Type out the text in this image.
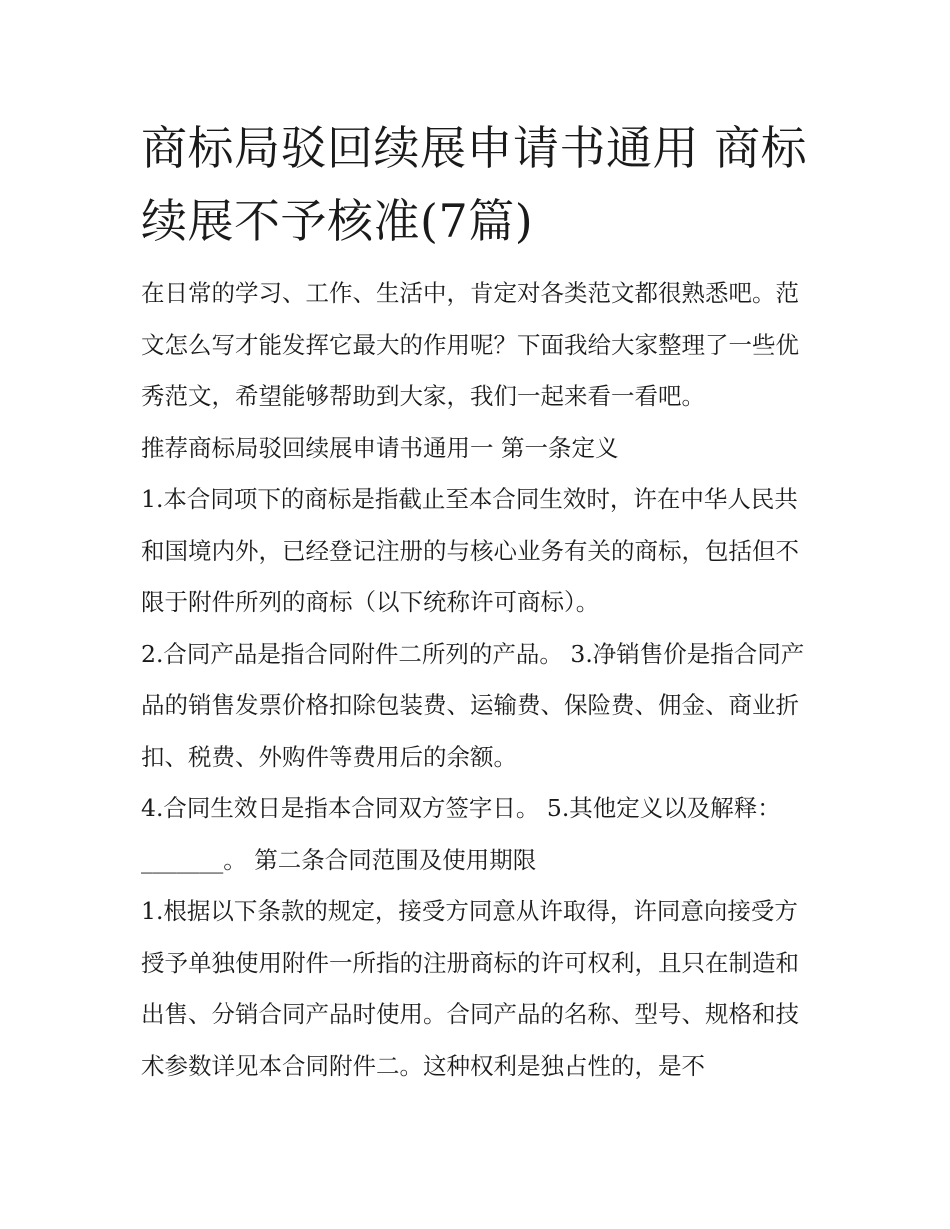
商标局驳回续展申请书通用 商标续展不予核准(7篇)

在日常的学习、工作、生活中，肯定对各类范文都很熟悉吧。范文怎么写才能发挥它最大的作用呢？下面我给大家整理了一些优秀范文，希望能够帮助到大家，我们一起来看一看吧。

推荐商标局驳回续展申请书通用一 第一条定义

1.本合同项下的商标是指截止至本合同生效时，许在中华人民共和国境内外，已经登记注册的与核心业务有关的商标，包括但不限于附件所列的商标（以下统称许可商标）。

2.合同产品是指合同附件二所列的产品。 3.净销售价是指合同产品的销售发票价格扣除包装费、运输费、保险费、佣金、商业折扣、税费、外购件等费用后的余额。

4.合同生效日是指本合同双方签字日。 5.其他定义以及解释：_______。 第二条合同范围及使用期限

1.根据以下条款的规定，接受方同意从许取得，许同意向接受方授予单独使用附件一所指的注册商标的许可权利，且只在制造和出售、分销合同产品时使用。合同产品的名称、型号、规格和技术参数详见本合同附件二。这种权利是独占性的，是不
